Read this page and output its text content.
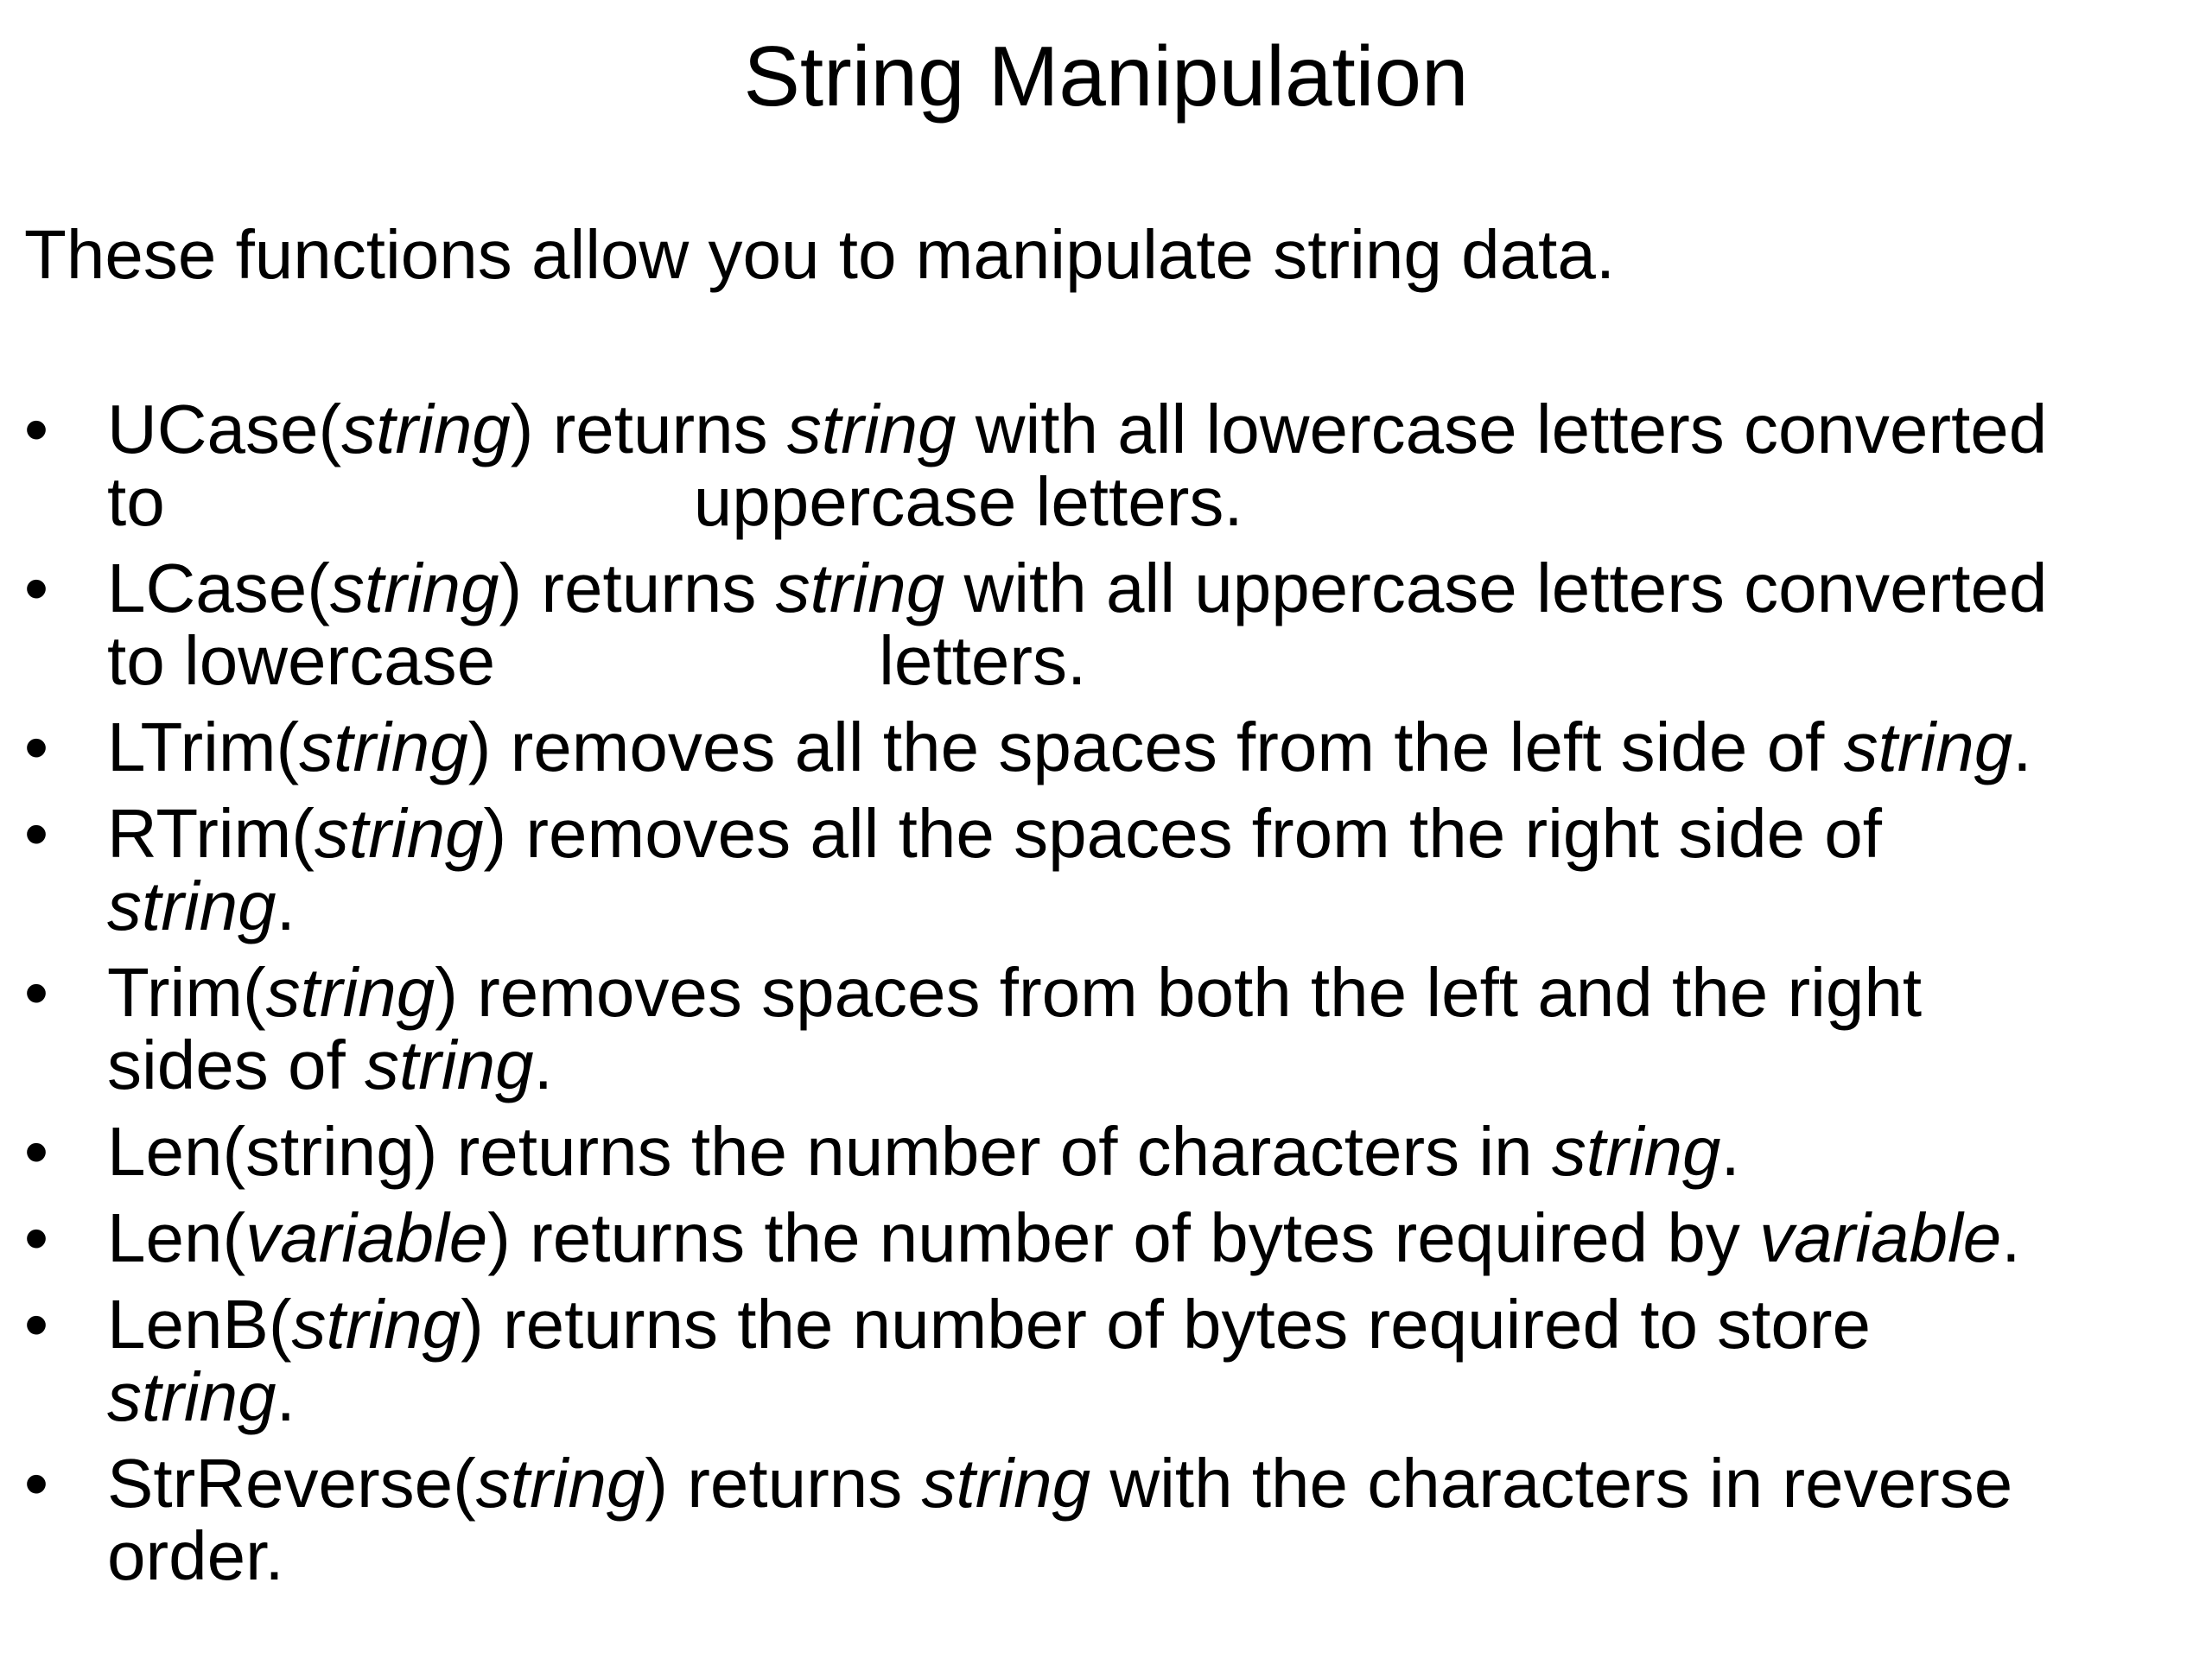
String Manipulation

These functions allow you to manipulate string data.

• UCase(string) returns string with all lowercase letters converted
to	uppercase letters.
• LCase(string) returns string with all uppercase letters converted
to lowercase	letters.
• LTrim(string) removes all the spaces from the left side of string.
• RTrim(string) removes all the spaces from the right side of
string.
• Trim(string) removes spaces from both the left and the right
sides of string.
• Len(string) returns the number of characters in string.
• Len(variable) returns the number of bytes required by variable.
• LenB(string) returns the number of bytes required to store
string.
• StrReverse(string) returns string with the characters in reverse
order.
